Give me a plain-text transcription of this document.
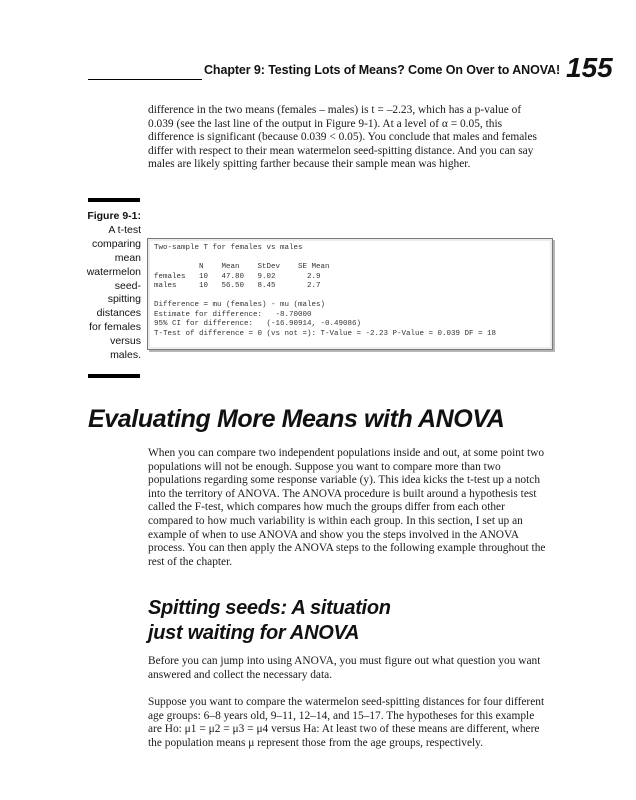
Chapter 9: Testing Lots of Means? Come On Over to ANOVA! 155

difference in the two means (females – males) is t = –2.23, which has a p-value of 0.039 (see the last line of the output in Figure 9-1). At a level of α = 0.05, this difference is significant (because 0.039 < 0.05). You conclude that males and females differ with respect to their mean watermelon seed-spitting distance. And you can say males are likely spitting farther because their sample mean was higher.

Figure 9-1:
A t-test comparing mean watermelon seed-spitting distances for females versus males.
Two-sample T for females vs males

N    Mean    StDev    SE Mean
females   10   47.80   9.02       2.9
males     10   56.50   8.45       2.7

Difference = mu (females) - mu (males)
Estimate for difference:   -8.70000
95% CI for difference:   (-16.90914, -0.49086)
T-Test of difference = 0 (vs not =): T-Value = -2.23 P-Value = 0.039 DF = 18
Evaluating More Means with ANOVA

When you can compare two independent populations inside and out, at some point two populations will not be enough. Suppose you want to compare more than two populations regarding some response variable (y). This idea kicks the t-test up a notch into the territory of ANOVA. The ANOVA procedure is built around a hypothesis test called the F-test, which compares how much the groups differ from each other compared to how much variability is within each group. In this section, I set up an example of when to use ANOVA and show you the steps involved in the ANOVA process. You can then apply the ANOVA steps to the following example throughout the rest of the chapter.

Spitting seeds: A situation
just waiting for ANOVA

Before you can jump into using ANOVA, you must figure out what question you want answered and collect the necessary data.

Suppose you want to compare the watermelon seed-spitting distances for four different age groups: 6–8 years old, 9–11, 12–14, and 15–17. The hypotheses for this example are Ho: μ1 = μ2 = μ3 = μ4 versus Ha: At least two of these means are different, where the population means μ represent those from the age groups, respectively.
